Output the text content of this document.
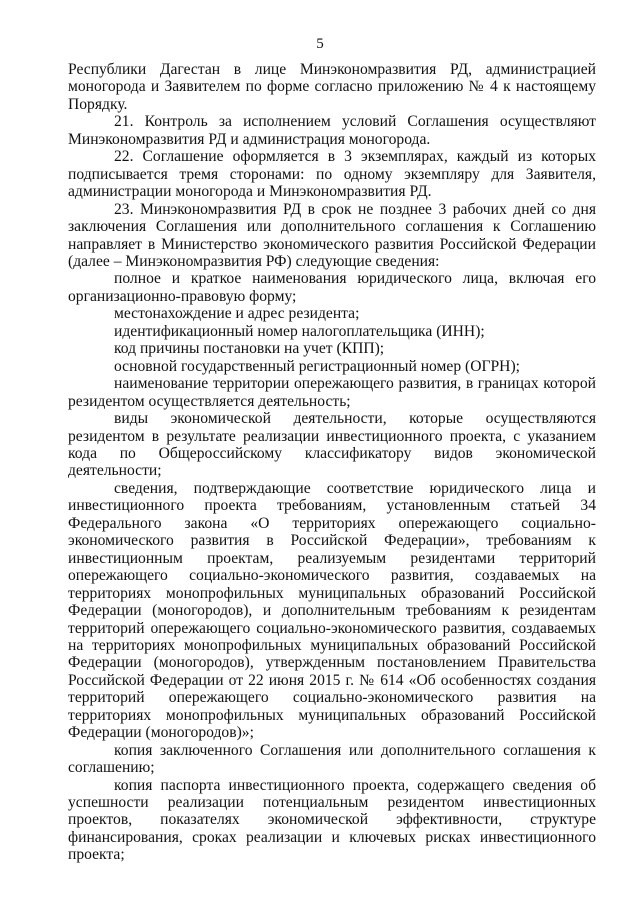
5

Республики Дагестан в лице Минэкономразвития РД, администрацией моногорода и Заявителем по форме согласно приложению № 4 к настоящему Порядку.

21. Контроль за исполнением условий Соглашения осуществляют Минэкономразвития РД и администрация моногорода.

22. Соглашение оформляется в 3 экземплярах, каждый из которых подписывается тремя сторонами: по одному экземпляру для Заявителя, администрации моногорода и Минэкономразвития РД.

23. Минэкономразвития РД в срок не позднее 3 рабочих дней со дня заключения Соглашения или дополнительного соглашения к Соглашению направляет в Министерство экономического развития Российской Федерации (далее – Минэкономразвития РФ) следующие сведения:

полное и краткое наименования юридического лица, включая его организационно-правовую форму;

местонахождение и адрес резидента;

идентификационный номер налогоплательщика (ИНН);

код причины постановки на учет (КПП);

основной государственный регистрационный номер (ОГРН);

наименование территории опережающего развития, в границах которой резидентом осуществляется деятельность;

виды экономической деятельности, которые осуществляются резидентом в результате реализации инвестиционного проекта, с указанием кода по Общероссийскому классификатору видов экономической деятельности;

сведения, подтверждающие соответствие юридического лица и инвестиционного проекта требованиям, установленным статьей 34 Федерального закона «О территориях опережающего социально-экономического развития в Российской Федерации», требованиям к инвестиционным проектам, реализуемым резидентами территорий опережающего социально-экономического развития, создаваемых на территориях монопрофильных муниципальных образований Российской Федерации (моногородов), и дополнительным требованиям к резидентам территорий опережающего социально-экономического развития, создаваемых на территориях монопрофильных муниципальных образований Российской Федерации (моногородов), утвержденным постановлением Правительства Российской Федерации от 22 июня 2015 г. № 614 «Об особенностях создания территорий опережающего социально-экономического развития на территориях монопрофильных муниципальных образований Российской Федерации (моногородов)»;

копия заключенного Соглашения или дополнительного соглашения к соглашению;

копия паспорта инвестиционного проекта, содержащего сведения об успешности реализации потенциальным резидентом инвестиционных проектов, показателях экономической эффективности, структуре финансирования, сроках реализации и ключевых рисках инвестиционного проекта;
